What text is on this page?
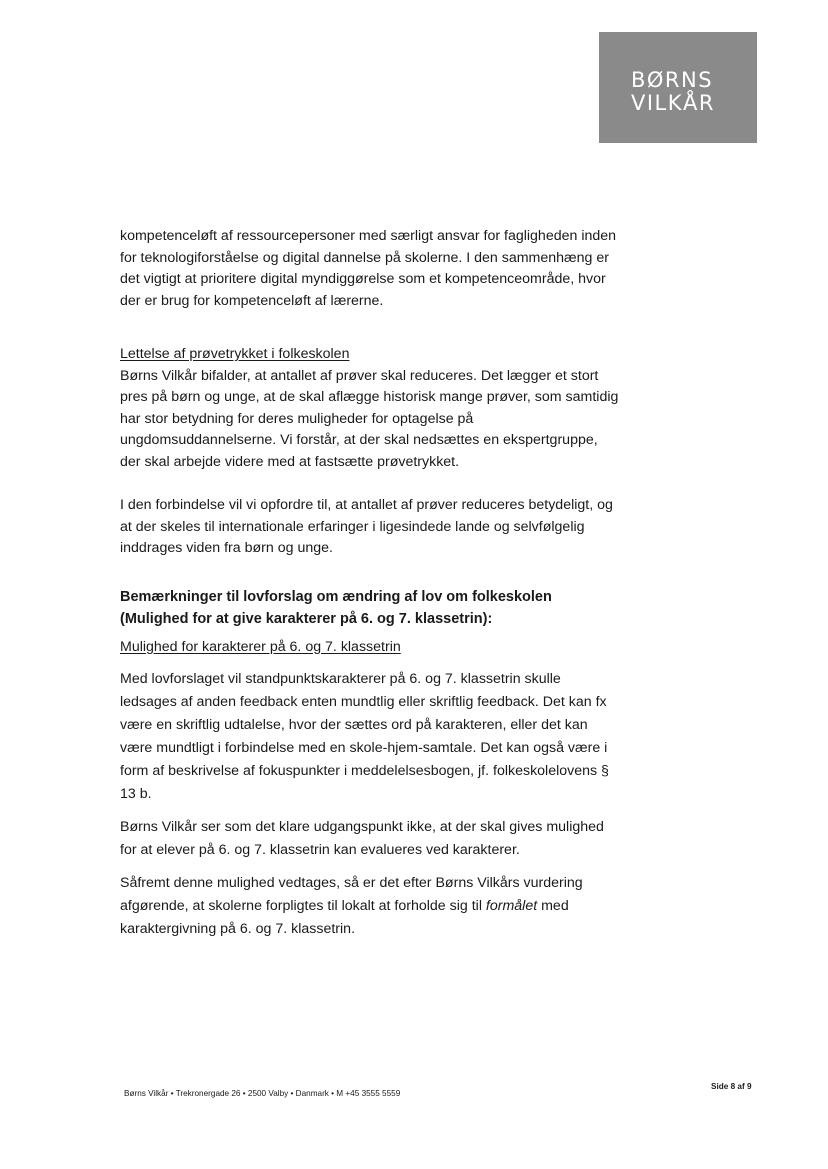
BØRNS
VILKÅR

kompetenceløft af ressourcepersoner med særligt ansvar for fagligheden inden for teknologiforståelse og digital dannelse på skolerne. I den sammenhæng er det vigtigt at prioritere digital myndiggørelse som et kompetenceområde, hvor der er brug for kompetenceløft af lærerne.

Lettelse af prøvetrykket i folkeskolen

Børns Vilkår bifalder, at antallet af prøver skal reduceres. Det lægger et stort pres på børn og unge, at de skal aflægge historisk mange prøver, som samtidig har stor betydning for deres muligheder for optagelse på ungdomsuddannelserne. Vi forstår, at der skal nedsættes en ekspertgruppe, der skal arbejde videre med at fastsætte prøvetrykket.

I den forbindelse vil vi opfordre til, at antallet af prøver reduceres betydeligt, og at der skeles til internationale erfaringer i ligesindede lande og selvfølgelig inddrages viden fra børn og unge.

Bemærkninger til lovforslag om ændring af lov om folkeskolen (Mulighed for at give karakterer på 6. og 7. klassetrin):

Mulighed for karakterer på 6. og 7. klassetrin

Med lovforslaget vil standpunktskarakterer på 6. og 7. klassetrin skulle ledsages af anden feedback enten mundtlig eller skriftlig feedback. Det kan fx være en skriftlig udtalelse, hvor der sættes ord på karakteren, eller det kan være mundtligt i forbindelse med en skole-hjem-samtale. Det kan også være i form af beskrivelse af fokuspunkter i meddelelsesbogen, jf. folkeskolelovens § 13 b.

Børns Vilkår ser som det klare udgangspunkt ikke, at der skal gives mulighed for at elever på 6. og 7. klassetrin kan evalueres ved karakterer.

Såfremt denne mulighed vedtages, så er det efter Børns Vilkårs vurdering afgørende, at skolerne forpligtes til lokalt at forholde sig til formålet med karaktergivning på 6. og 7. klassetrin.

Side 8 af 9
Børns Vilkår • Trekronergade 26 • 2500 Valby • Danmark • M +45 3555 5559
